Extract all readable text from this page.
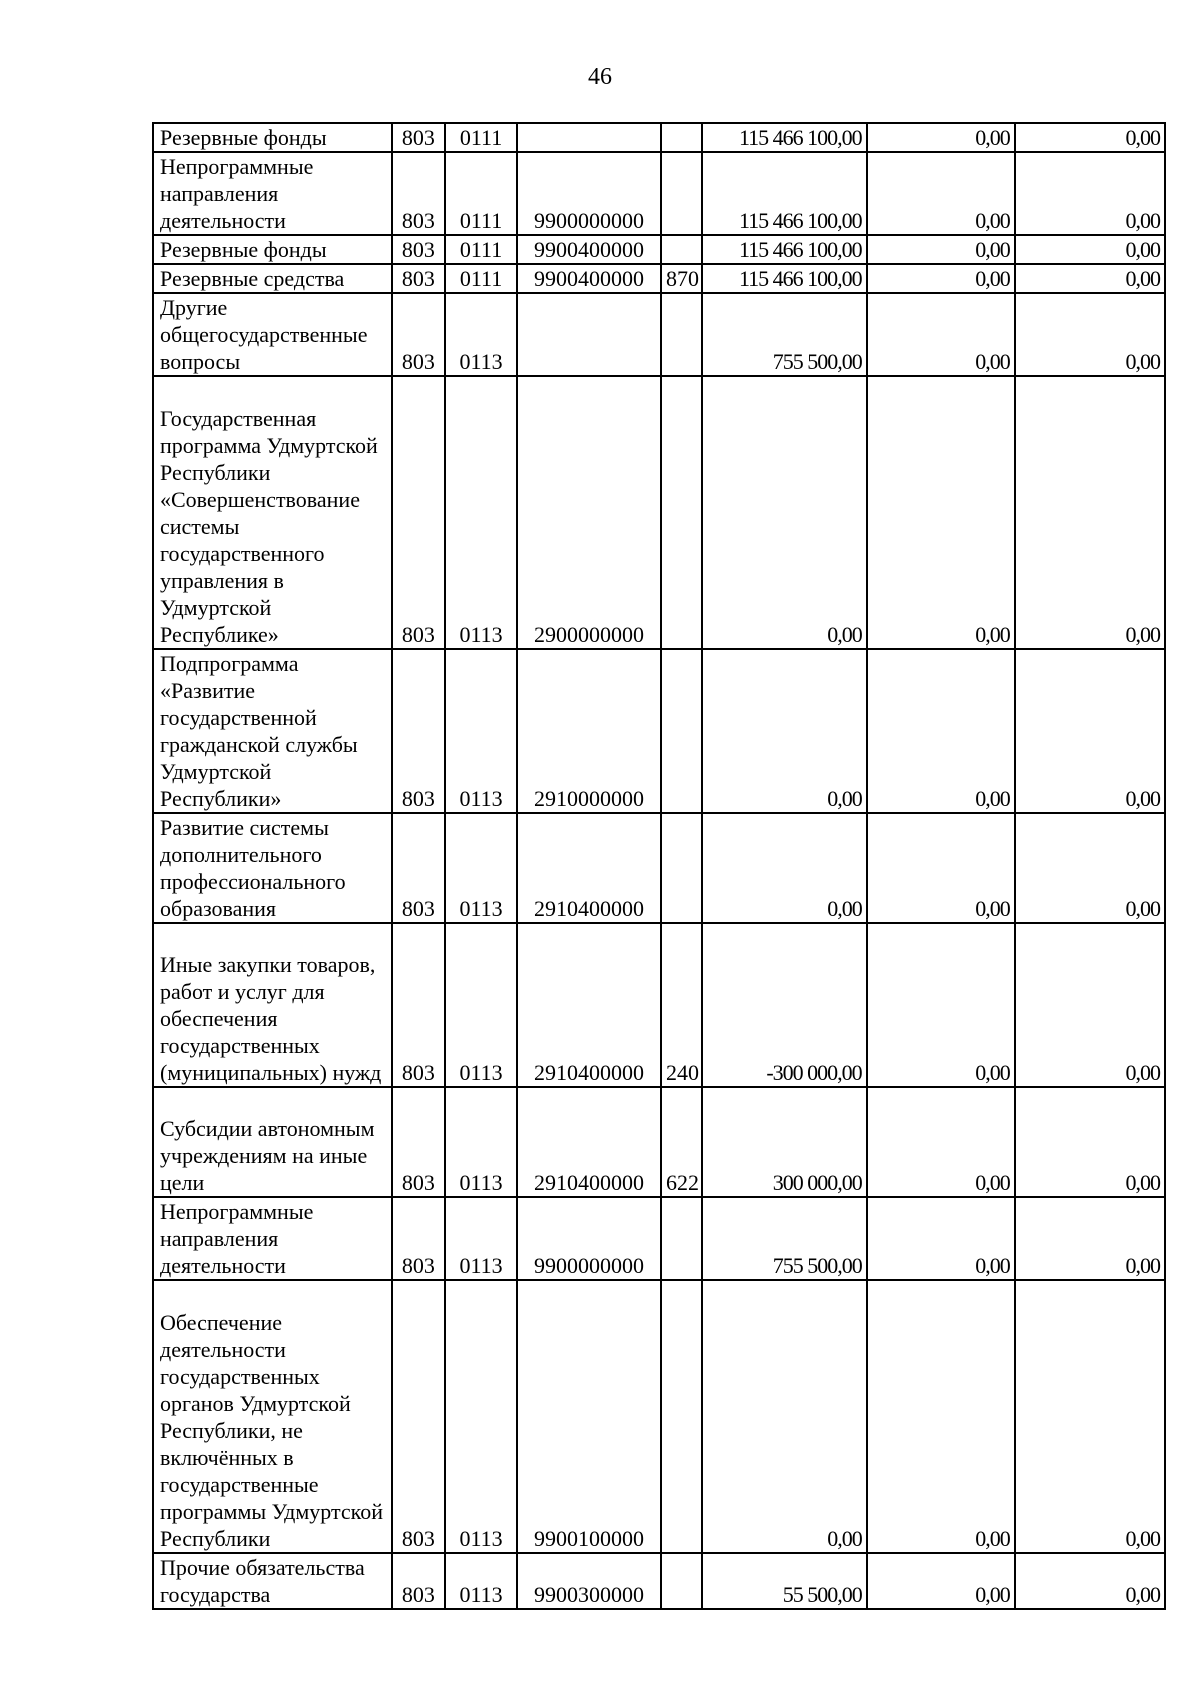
46
Резервные фонды	803	0111			115 466 100,00	0,00	0,00
Непрограммные направления деятельности	803	0111	9900000000		115 466 100,00	0,00	0,00
Резервные фонды	803	0111	9900400000		115 466 100,00	0,00	0,00
Резервные средства	803	0111	9900400000	870	115 466 100,00	0,00	0,00
Другие общегосударственные вопросы	803	0113			755 500,00	0,00	0,00
Государственная программа Удмуртской Республики «Совершенствование системы государственного управления в Удмуртской Республике»	803	0113	2900000000		0,00	0,00	0,00
Подпрограмма «Развитие государственной гражданской службы Удмуртской Республики»	803	0113	2910000000		0,00	0,00	0,00
Развитие системы дополнительного профессионального образования	803	0113	2910400000		0,00	0,00	0,00
Иные закупки товаров, работ и услуг для обеспечения государственных (муниципальных) нужд	803	0113	2910400000	240	-300 000,00	0,00	0,00
Субсидии автономным учреждениям на иные цели	803	0113	2910400000	622	300 000,00	0,00	0,00
Непрограммные направления деятельности	803	0113	9900000000		755 500,00	0,00	0,00
Обеспечение деятельности государственных органов Удмуртской Республики, не включённых в государственные программы Удмуртской Республики	803	0113	9900100000		0,00	0,00	0,00
Прочие обязательства государства	803	0113	9900300000		55 500,00	0,00	0,00
